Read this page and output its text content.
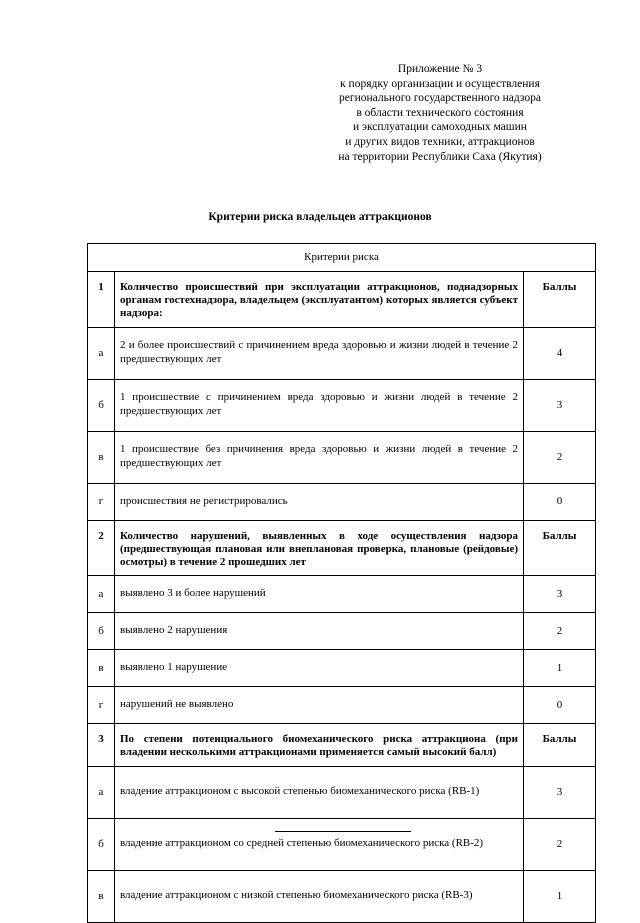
Приложение № 3
к порядку организации и осуществления
регионального государственного надзора
в области технического состояния
и эксплуатации самоходных машин
и других видов техники, аттракционов
на территории Республики Саха (Якутия)
Критерии риска владельцев аттракционов
Критерии риска		
1	Количество происшествий при эксплуатации аттракционов, поднадзорных органам гостехнадзора, владельцем (эксплуатантом) которых является субъект надзора:	Баллы
а	2 и более происшествий с причинением вреда здоровью и жизни людей в течение 2 предшествующих лет	4
б	1 происшествие с причинением вреда здоровью и жизни людей в течение 2 предшествующих лет	3
в	1 происшествие без причинения вреда здоровью и жизни людей в течение 2 предшествующих лет	2
г	происшествия не регистрировались	0
2	Количество нарушений, выявленных в ходе осуществления надзора (предшествующая плановая или внеплановая проверка, плановые (рейдовые) осмотры) в течение 2 прошедших лет	Баллы
а	выявлено 3 и более нарушений	3
б	выявлено 2 нарушения	2
в	выявлено 1 нарушение	1
г	нарушений не выявлено	0
3	По степени потенциального биомеханического риска аттракциона (при владении несколькими аттракционами применяется самый высокий балл)	Баллы
а	владение аттракционом с высокой степенью биомеханического риска (RB-1)	3
б	владение аттракционом со средней степенью биомеханического риска (RB-2)	2
в	владение аттракционом с низкой степенью биомеханического риска (RB-3)	1
